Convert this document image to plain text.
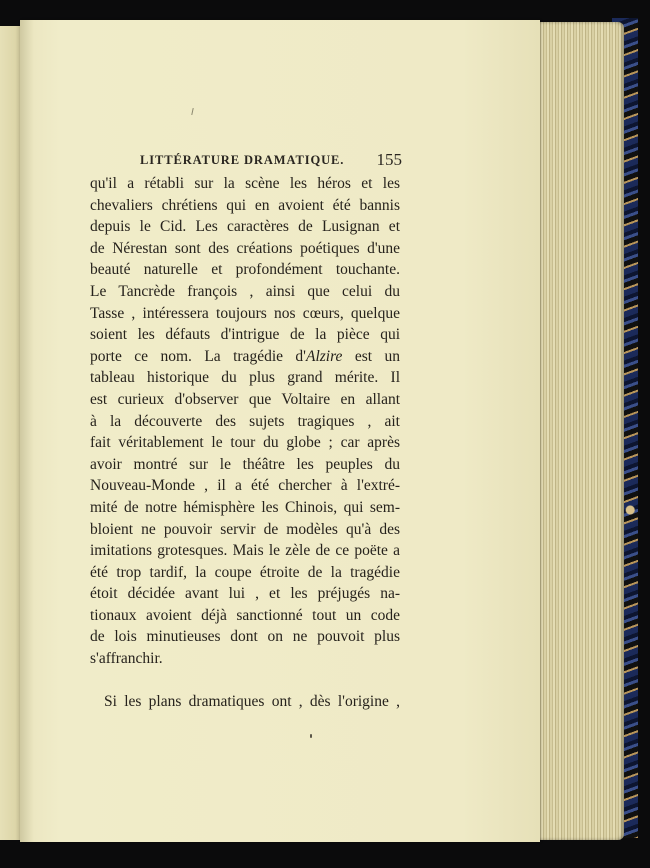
LITTÉRATURE DRAMATIQUE. 155
qu'il a rétabli sur la scène les héros et les
chevaliers chrétiens qui en avoient été bannis
depuis le Cid. Les caractères de Lusignan et
de Nérestan sont des créations poétiques d'une
beauté naturelle et profondément touchante.
Le Tancrède françois , ainsi que celui du
Tasse , intéressera toujours nos cœurs, quelque
soient les défauts d'intrigue de la pièce qui
porte ce nom. La tragédie d'Alzire est un
tableau historique du plus grand mérite. Il
est curieux d'observer que Voltaire en allant
à la découverte des sujets tragiques , ait
fait véritablement le tour du globe ; car après
avoir montré sur le théâtre les peuples du
Nouveau-Monde , il a été chercher à l'extré-
mité de notre hémisphère les Chinois, qui sem-
bloient ne pouvoir servir de modèles qu'à des
imitations grotesques. Mais le zèle de ce poëte a
été trop tardif, la coupe étroite de la tragédie
étoit décidée avant lui , et les préjugés na-
tionaux avoient déjà sanctionné tout un code
de lois minutieuses dont on ne pouvoit plus
s'affranchir.
Si les plans dramatiques ont , dès l'origine ,
